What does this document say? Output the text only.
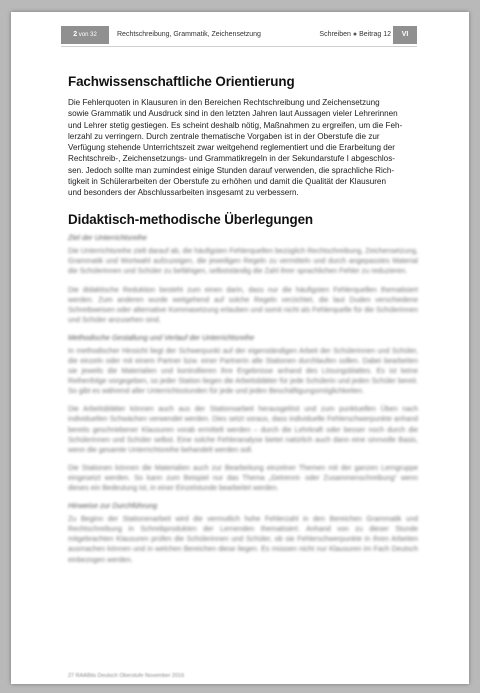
2 von 32	Rechtschreibung, Grammatik, Zeichensetzung	Schreiben ● Beitrag 12	VI
Fachwissenschaftliche Orientierung

Die Fehlerquoten in Klausuren in den Bereichen Rechtschreibung und Zeichensetzung
sowie Grammatik und Ausdruck sind in den letzten Jahren laut Aussagen vieler Lehrerinnen
und Lehrer stetig gestiegen. Es scheint deshalb nötig, Maßnahmen zu ergreifen, um die Feh-
lerzahl zu verringern. Durch zentrale thematische Vorgaben ist in der Oberstufe die zur
Verfügung stehende Unterrichtszeit zwar weitgehend reglementiert und die Erarbeitung der
Rechtschreib-, Zeichensetzungs- und Grammatikregeln in der Sekundarstufe I abgeschlos-
sen. Jedoch sollte man zumindest einige Stunden darauf verwenden, die sprachliche Rich-
tigkeit in Schülerarbeiten der Oberstufe zu erhöhen und damit die Qualität der Klausuren
und besonders der Abschlussarbeiten insgesamt zu verbessern.

Didaktisch-methodische Überlegungen
Ziel der Unterrichtsreihe

Die Unterrichtsreihe zielt darauf ab, die häufigsten Fehlerquellen bezüglich Rechtschreibung, Zeichensetzung, Grammatik und Wortwahl aufzuzeigen, die jeweiligen Regeln zu vermitteln und durch angepasstes Material die Schülerinnen und Schüler zu befähigen, selbstständig die Zahl ihrer sprachlichen Fehler zu reduzieren.

Die didaktische Reduktion besteht zum einen darin, dass nur die häufigsten Fehlerquellen thematisiert werden. Zum anderen wurde weitgehend auf solche Regeln verzichtet, die laut Duden verschiedene Schreibweisen oder alternative Kommasetzung erlauben und somit nicht als Fehlerquelle für die Schülerinnen und Schüler anzusehen sind.

Methodische Gestaltung und Verlauf der Unterrichtsreihe

In methodischer Hinsicht liegt der Schwerpunkt auf der eigenständigen Arbeit der Schülerinnen und Schüler, die einzeln oder mit einem Partner bzw. einer Partnerin alle Stationen durchlaufen sollen. Dabei bearbeiten sie jeweils die Materialien und kontrollieren ihre Ergebnisse anhand des Lösungsblattes. Es ist keine Reihenfolge vorgegeben, so jeder Station liegen die Arbeitsblätter für jede Schülerin und jeden Schüler bereit. So gibt es während aller Unterrichtsstunden für jede und jeden Beschäftigungsmöglichkeiten.

Die Arbeitsblätter können auch aus der Stationsarbeit herausgelöst und zum punktuellen Üben nach individuellen Schwächen verwendet werden. Dies setzt voraus, dass individuelle Fehlerschwerpunkte anhand bereits geschriebener Klausuren vorab ermittelt werden – durch die Lehrkraft oder besser noch durch die Schülerinnen und Schüler selbst. Eine solche Fehleranalyse bietet natürlich auch dann eine sinnvolle Basis, wenn die gesamte Unterrichtsreihe behandelt werden soll.

Die Stationen können die Materialien auch zur Bearbeitung einzelner Themen mit der ganzen Lerngruppe eingesetzt werden. So kann zum Beispiel nur das Thema „Getrennt- oder Zusammenschreibung“ wenn dieses ein Bedeutung ist, in einer Einzelstunde bearbeitet werden.

Hinweise zur Durchführung

Zu Beginn der Stationenarbeit wird die vermutlich hohe Fehlerzahl in den Bereichen Grammatik und Rechtschreibung in Schreibprodukten der Lernenden thematisiert. Anhand von zu dieser Stunde mitgebrachten Klausuren prüfen die Schülerinnen und Schüler, ob sie Fehlerschwerpunkte in ihren Arbeiten ausmachen können und in welchen Bereichen diese liegen. Es müssen nicht nur Klausuren im Fach Deutsch einbezogen werden.

27 RAABits Deutsch Oberstufe November 2016
